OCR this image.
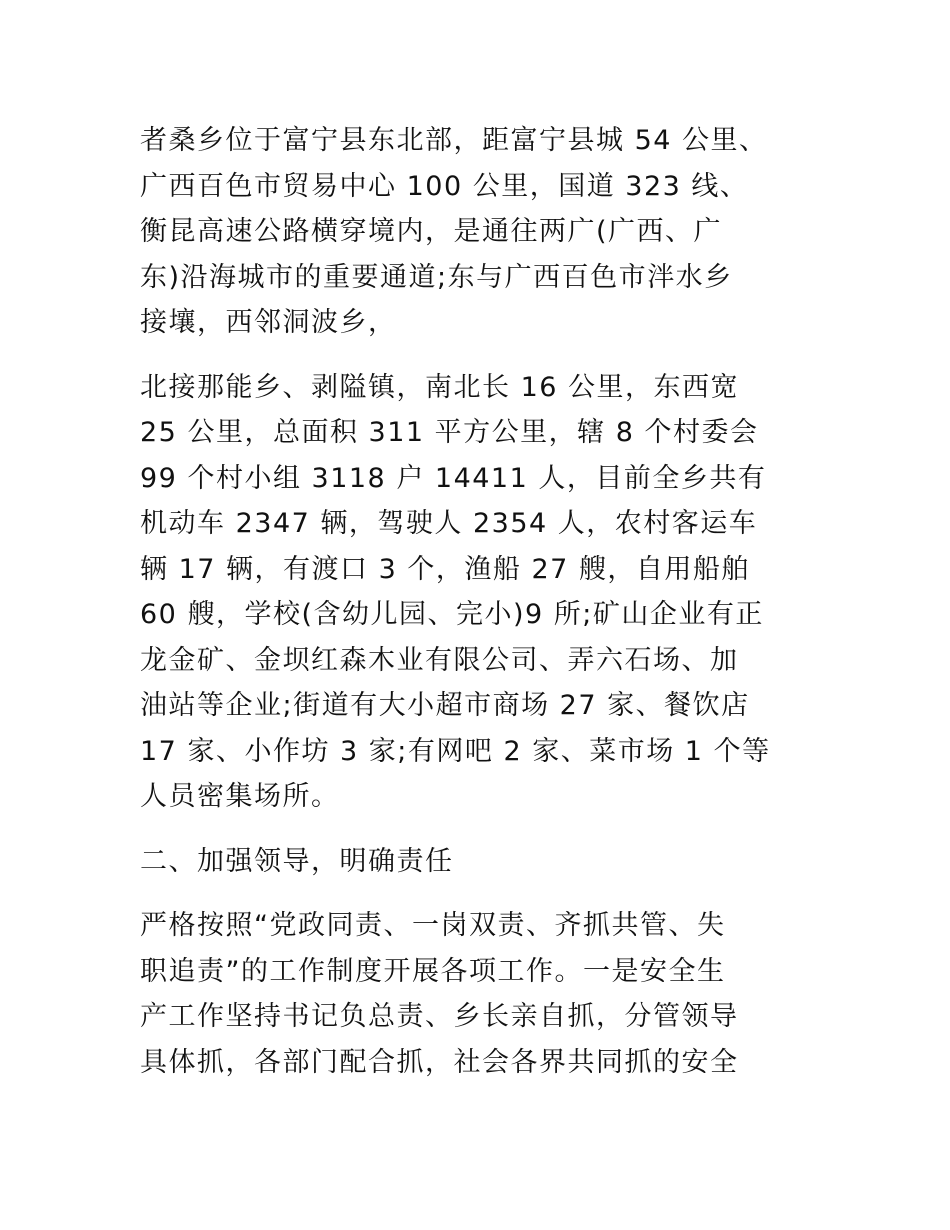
者桑乡位于富宁县东北部，距富宁县城 54 公里、
广西百色市贸易中心 100 公里，国道 323 线、
衡昆高速公路横穿境内，是通往两广(广西、广
东)沿海城市的重要通道;东与广西百色市泮水乡
接壤，西邻洞波乡，

北接那能乡、剥隘镇，南北长 16 公里，东西宽
25 公里，总面积 311 平方公里，辖 8 个村委会
99 个村小组 3118 户 14411 人，目前全乡共有
机动车 2347 辆，驾驶人 2354 人，农村客运车
辆 17 辆，有渡口 3 个，渔船 27 艘，自用船舶
60 艘，学校(含幼儿园、完小)9 所;矿山企业有正
龙金矿、金坝红森木业有限公司、弄六石场、加
油站等企业;街道有大小超市商场 27 家、餐饮店
17 家、小作坊 3 家;有网吧 2 家、菜市场 1 个等
人员密集场所。

二、加强领导，明确责任

严格按照“党政同责、一岗双责、齐抓共管、失
职追责”的工作制度开展各项工作。一是安全生
产工作坚持书记负总责、乡长亲自抓，分管领导
具体抓，各部门配合抓，社会各界共同抓的安全
